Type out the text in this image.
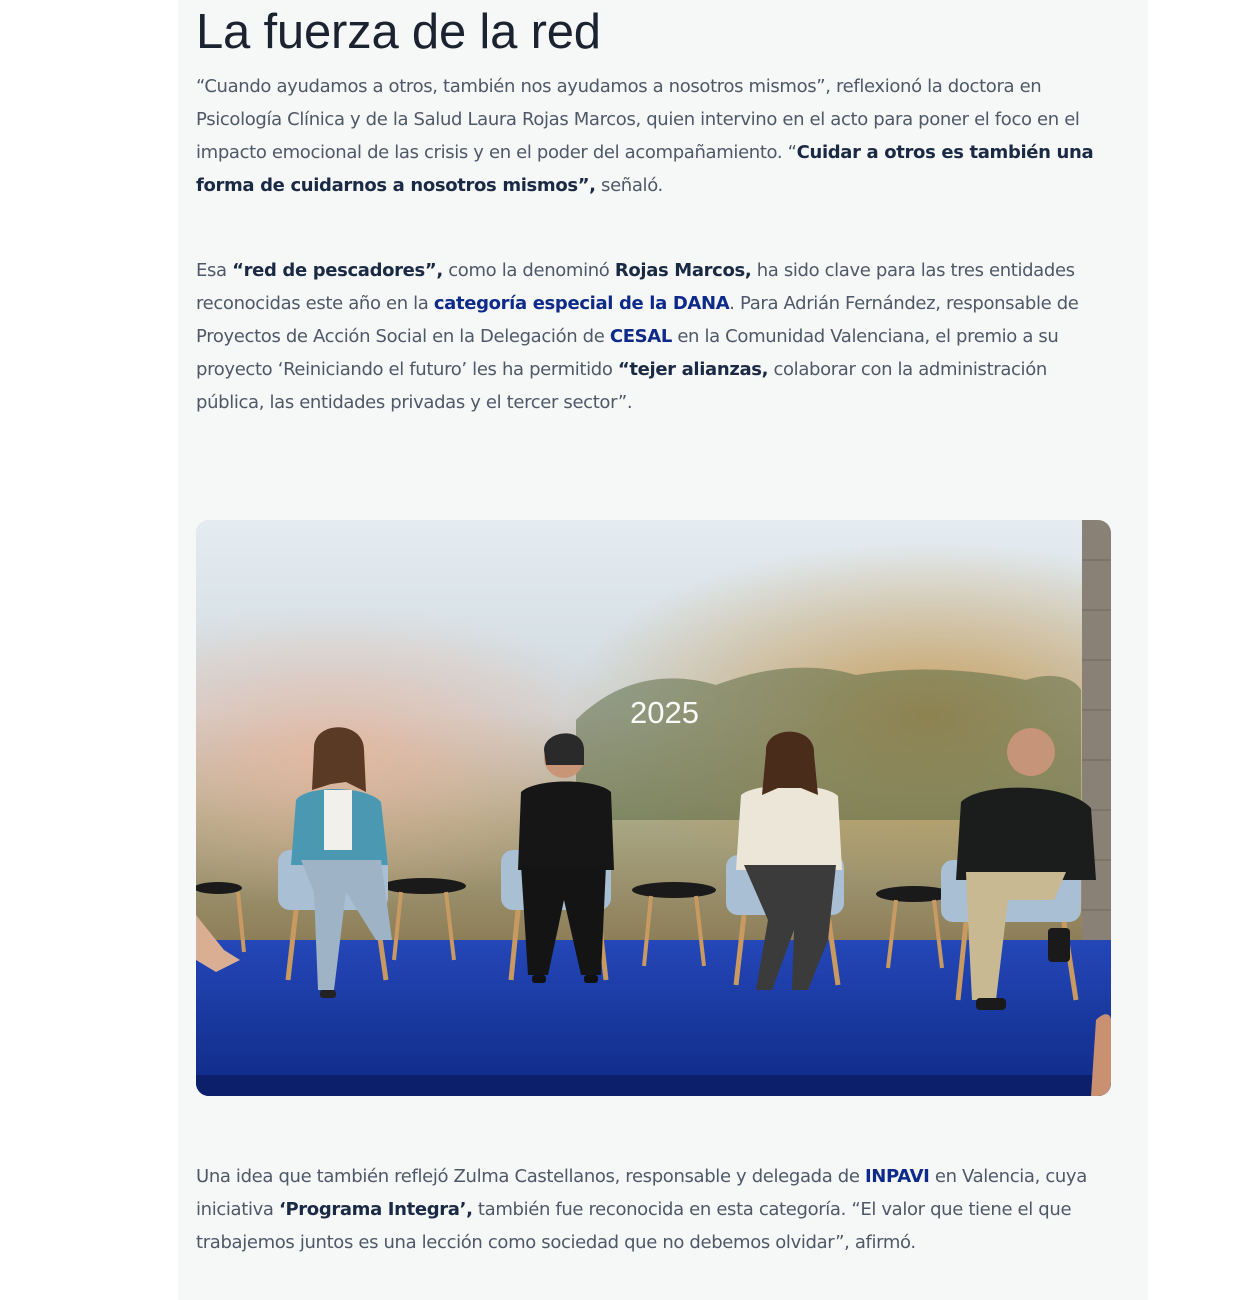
La fuerza de la red

“Cuando ayudamos a otros, también nos ayudamos a nosotros mismos”, reflexionó la doctora en Psicología Clínica y de la Salud Laura Rojas Marcos, quien intervino en el acto para poner el foco en el impacto emocional de las crisis y en el poder del acompañamiento. “Cuidar a otros es también una forma de cuidarnos a nosotros mismos”, señaló.

Esa “red de pescadores”, como la denominó Rojas Marcos, ha sido clave para las tres entidades reconocidas este año en la categoría especial de la DANA. Para Adrián Fernández, responsable de Proyectos de Acción Social en la Delegación de CESAL en la Comunidad Valenciana, el premio a su proyecto ‘Reiniciando el futuro’ les ha permitido “tejer alianzas, colaborar con la administración pública, las entidades privadas y el tercer sector”.

2025

Una idea que también reflejó Zulma Castellanos, responsable y delegada de INPAVI en Valencia, cuya iniciativa ‘Programa Integra’, también fue reconocida en esta categoría. “El valor que tiene el que trabajemos juntos es una lección como sociedad que no debemos olvidar”, afirmó.
